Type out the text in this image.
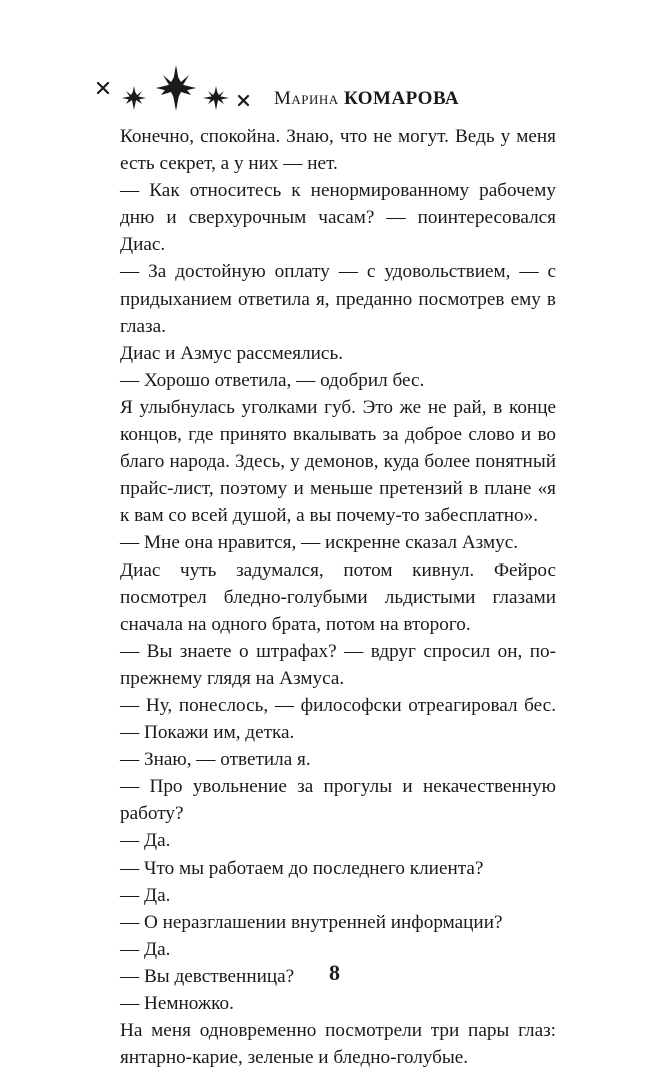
Марина КОМАРОВА

Конечно, спокойна. Знаю, что не могут. Ведь у меня есть секрет, а у них — нет.

— Как относитесь к ненормированному рабочему дню и сверхурочным часам? — поинтересовался Диас.

— За достойную оплату — с удовольствием, — с придыханием ответила я, преданно посмотрев ему в глаза.

Диас и Азмус рассмеялись.

— Хорошо ответила, — одобрил бес.

Я улыбнулась уголками губ. Это же не рай, в конце концов, где принято вкалывать за доброе слово и во благо народа. Здесь, у демонов, куда более понятный прайс-лист, поэтому и меньше претензий в плане «я к вам со всей душой, а вы почему-то забесплатно».

— Мне она нравится, — искренне сказал Азмус.

Диас чуть задумался, потом кивнул. Фейрос посмотрел бледно-голубыми льдистыми глазами сначала на одного брата, потом на второго.

— Вы знаете о штрафах? — вдруг спросил он, по-прежнему глядя на Азмуса.

— Ну, понеслось, — философски отреагировал бес. — Покажи им, детка.

— Знаю, — ответила я.

— Про увольнение за прогулы и некачественную работу?

— Да.

— Что мы работаем до последнего клиента?

— Да.

— О неразглашении внутренней информации?

— Да.

— Вы девственница?

— Немножко.

На меня одновременно посмотрели три пары глаз: янтарно-карие, зеленые и бледно-голубые.

8
